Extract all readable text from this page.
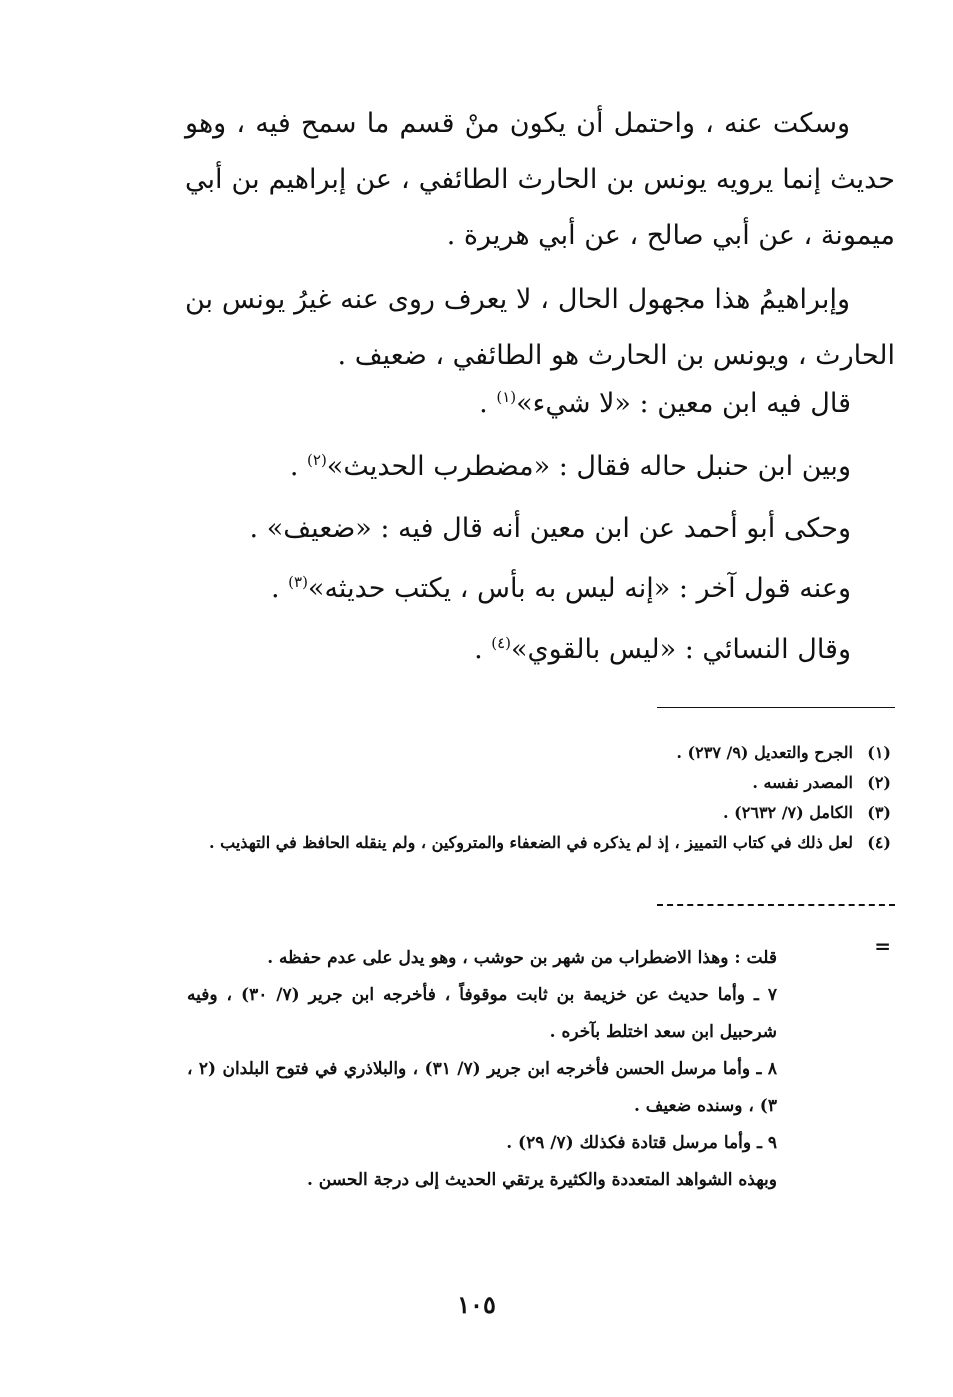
وسكت عنه ، واحتمل أن يكون منْ قسم ما سمح فيه ، وهو حديث إنما يرويه يونس بن الحارث الطائفي ، عن إبراهيم بن أبي ميمونة ، عن أبي صالح ، عن أبي هريرة .

وإبراهيمُ هذا مجهول الحال ، لا يعرف روى عنه غيرُ يونس بن الحارث ، ويونس بن الحارث هو الطائفي ، ضعيف .

قال فيه ابن معين : «لا شيء»$^{(١)}$ .
وبين ابن حنبل حاله فقال : «مضطرب الحديث»$^{(٢)}$ .
وحكى أبو أحمد عن ابن معين أنه قال فيه : «ضعيف» .
وعنه قول آخر : «إنه ليس به بأس ، يكتب حديثه»$^{(٣)}$ .
وقال النسائي : «ليس بالقوي»$^{(٤)}$ .
(١)
الجرح والتعديل (٩/ ٢٣٧) .
(٢)
المصدر نفسه .
(٣)
الكامل (٧/ ٢٦٣٢) .
(٤)
لعل ذلك في كتاب التمييز ، إذ لم يذكره في الضعفاء والمتروكين ، ولم ينقله الحافظ في التهذيب .
=

قلت : وهذا الاضطراب من شهر بن حوشب ، وهو يدل على عدم حفظه .

٧ ـ وأما حديث عن خزيمة بن ثابت موقوفاً ، فأخرجه ابن جرير (٧/ ٣٠) ، وفيه شرحبيل ابن سعد اختلط بآخره .

٨ ـ وأما مرسل الحسن فأخرجه ابن جرير (٧/ ٣١) ، والبلاذري في فتوح البلدان (٢ ، ٣) ، وسنده ضعيف .

٩ ـ وأما مرسل قتادة فكذلك (٧/ ٢٩) .

وبهذه الشواهد المتعددة والكثيرة يرتقي الحديث إلى درجة الحسن .

١٠٥
